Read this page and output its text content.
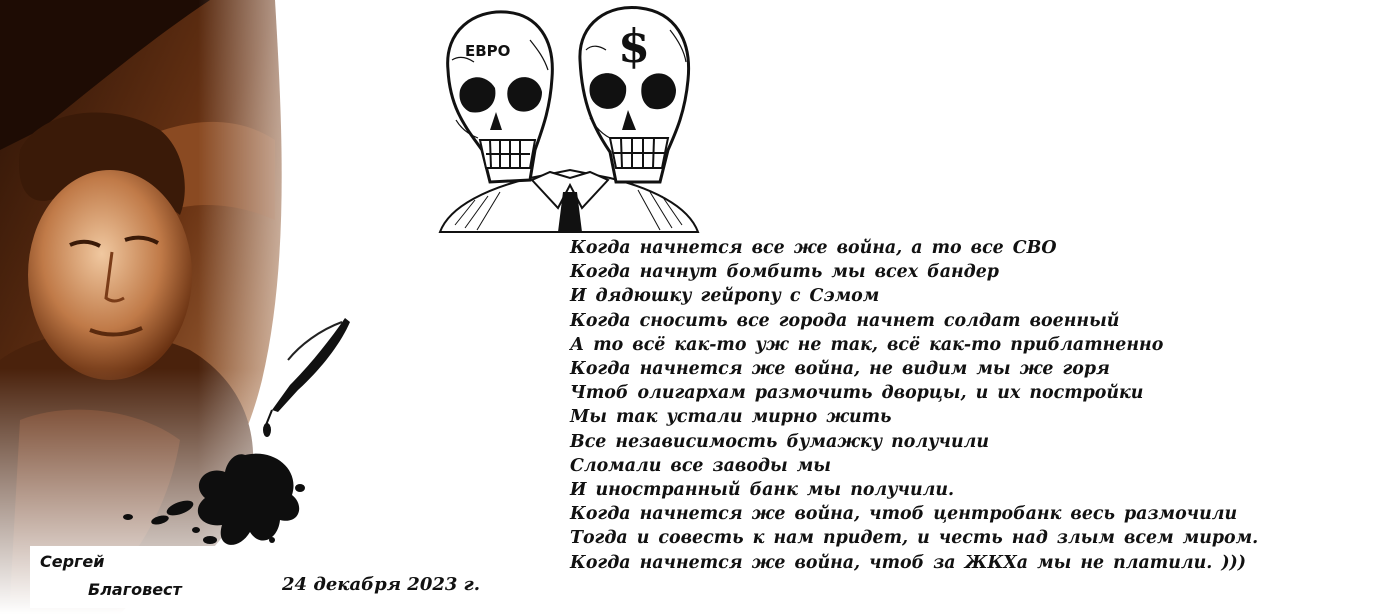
Сергей
Благовест	24 декабря 2023 г.
$
ЕВРО
Когда начнется все же война, а то все СВО
Когда начнут бомбить мы всех бандер
И дядюшку гейропу с Сэмом
Когда сносить все города начнет солдат военный
А то всё как-то уж не так, всё как-то приблатненно
Когда начнется же война, не видим мы же горя
Чтоб олигархам размочить дворцы, и их постройки
Мы так устали мирно жить
Все независимость бумажку получили
Сломали все заводы мы
И иностранный банк мы получили.
Когда начнется же война, чтоб центробанк весь размочили
Тогда и совесть к нам придет, и честь над злым всем миром.
Когда начнется же война, чтоб за ЖКХа мы не платили. )))
